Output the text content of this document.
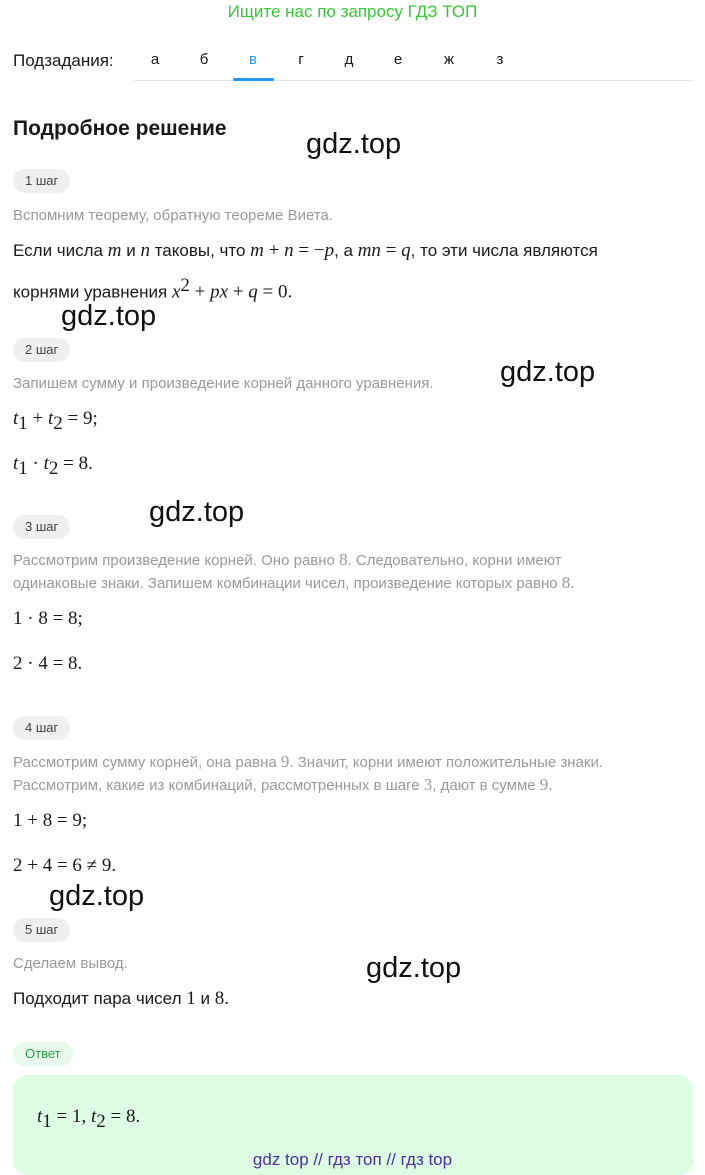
Ищите нас по запросу ГДЗ ТОП
Подзадания:	а	б	в	г	д	е	ж	з
Подробное решение	gdz.top
gdz.top
gdz.top
gdz.top
gdz.top
gdz.top
1 шаг
Вспомним теорему, обратную теореме Виета.
Если числа m и n таковы, что m + n = −p, а mn = q, то эти числа являются
корнями уравнения $x^2$ + px + q = 0.
2 шаг
Запишем сумму и произведение корней данного уравнения.
$t_1 + t_2 = 9$;
$t_1 \cdot t_2 = 8$.
3 шаг
Рассмотрим произведение корней. Оно равно 8. Следовательно, корни имеют
одинаковые знаки. Запишем комбинации чисел, произведение которых равно 8.
1 · 8 = 8;
2 · 4 = 8.
4 шаг
Рассмотрим сумму корней, она равна 9. Значит, корни имеют положительные знаки.
Рассмотрим, какие из комбинаций, рассмотренных в шаге 3, дают в сумме 9.
1 + 8 = 9;
2 + 4 = 6 ≠ 9.
5 шаг
Сделаем вывод.
Подходит пара чисел 1 и 8.
Ответ
$t_1 = 1$, $t_2 = 8$.
gdz top // гдз топ // гдз top
